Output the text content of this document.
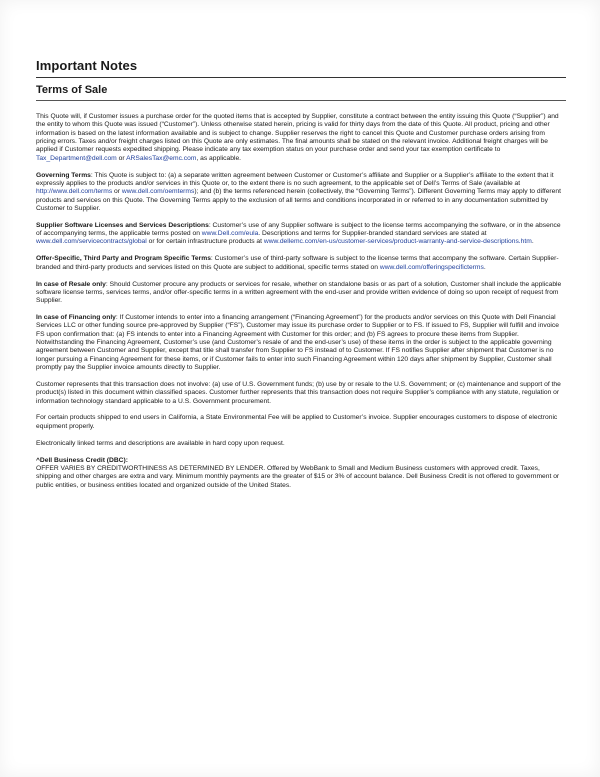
Important Notes
Terms of Sale

This Quote will, if Customer issues a purchase order for the quoted items that is accepted by Supplier, constitute a contract between the entity issuing this Quote (“Supplier”) and the entity to whom this Quote was issued (“Customer”). Unless otherwise stated herein, pricing is valid for thirty days from the date of this Quote. All product, pricing and other information is based on the latest information available and is subject to change. Supplier reserves the right to cancel this Quote and Customer purchase orders arising from pricing errors. Taxes and/or freight charges listed on this Quote are only estimates. The final amounts shall be stated on the relevant invoice. Additional freight charges will be applied if Customer requests expedited shipping. Please indicate any tax exemption status on your purchase order and send your tax exemption certificate to Tax_Department@dell.com or ARSalesTax@emc.com, as applicable.

Governing Terms: This Quote is subject to: (a) a separate written agreement between Customer or Customer’s affiliate and Supplier or a Supplier’s affiliate to the extent that it expressly applies to the products and/or services in this Quote or, to the extent there is no such agreement, to the applicable set of Dell’s Terms of Sale (available at http://www.dell.com/terms or www.dell.com/oemterms); and (b) the terms referenced herein (collectively, the “Governing Terms”). Different Governing Terms may apply to different products and services on this Quote. The Governing Terms apply to the exclusion of all terms and conditions incorporated in or referred to in any documentation submitted by Customer to Supplier.

Supplier Software Licenses and Services Descriptions: Customer’s use of any Supplier software is subject to the license terms accompanying the software, or in the absence of accompanying terms, the applicable terms posted on www.Dell.com/eula. Descriptions and terms for Supplier-branded standard services are stated at www.dell.com/servicecontracts/global or for certain infrastructure products at www.dellemc.com/en-us/customer-services/product-warranty-and-service-descriptions.htm.

Offer-Specific, Third Party and Program Specific Terms: Customer’s use of third-party software is subject to the license terms that accompany the software. Certain Supplier-branded and third-party products and services listed on this Quote are subject to additional, specific terms stated on www.dell.com/offeringspecificterms.

In case of Resale only: Should Customer procure any products or services for resale, whether on standalone basis or as part of a solution, Customer shall include the applicable software license terms, services terms, and/or offer-specific terms in a written agreement with the end-user and provide written evidence of doing so upon receipt of request from Supplier.

In case of Financing only: If Customer intends to enter into a financing arrangement (“Financing Agreement”) for the products and/or services on this Quote with Dell Financial Services LLC or other funding source pre-approved by Supplier (“FS”), Customer may issue its purchase order to Supplier or to FS. If issued to FS, Supplier will fulfill and invoice FS upon confirmation that: (a) FS intends to enter into a Financing Agreement with Customer for this order; and (b) FS agrees to procure these items from Supplier. Notwithstanding the Financing Agreement, Customer’s use (and Customer’s resale of and the end-user’s use) of these items in the order is subject to the applicable governing agreement between Customer and Supplier, except that title shall transfer from Supplier to FS instead of to Customer. If FS notifies Supplier after shipment that Customer is no longer pursuing a Financing Agreement for these items, or if Customer fails to enter into such Financing Agreement within 120 days after shipment by Supplier, Customer shall promptly pay the Supplier invoice amounts directly to Supplier.

Customer represents that this transaction does not involve: (a) use of U.S. Government funds; (b) use by or resale to the U.S. Government; or (c) maintenance and support of the product(s) listed in this document within classified spaces. Customer further represents that this transaction does not require Supplier’s compliance with any statute, regulation or information technology standard applicable to a U.S. Government procurement.

For certain products shipped to end users in California, a State Environmental Fee will be applied to Customer’s invoice. Supplier encourages customers to dispose of electronic equipment properly.

Electronically linked terms and descriptions are available in hard copy upon request.

^Dell Business Credit (DBC):
OFFER VARIES BY CREDITWORTHINESS AS DETERMINED BY LENDER. Offered by WebBank to Small and Medium Business customers with approved credit. Taxes, shipping and other charges are extra and vary. Minimum monthly payments are the greater of $15 or 3% of account balance. Dell Business Credit is not offered to government or public entities, or business entities located and organized outside of the United States.
